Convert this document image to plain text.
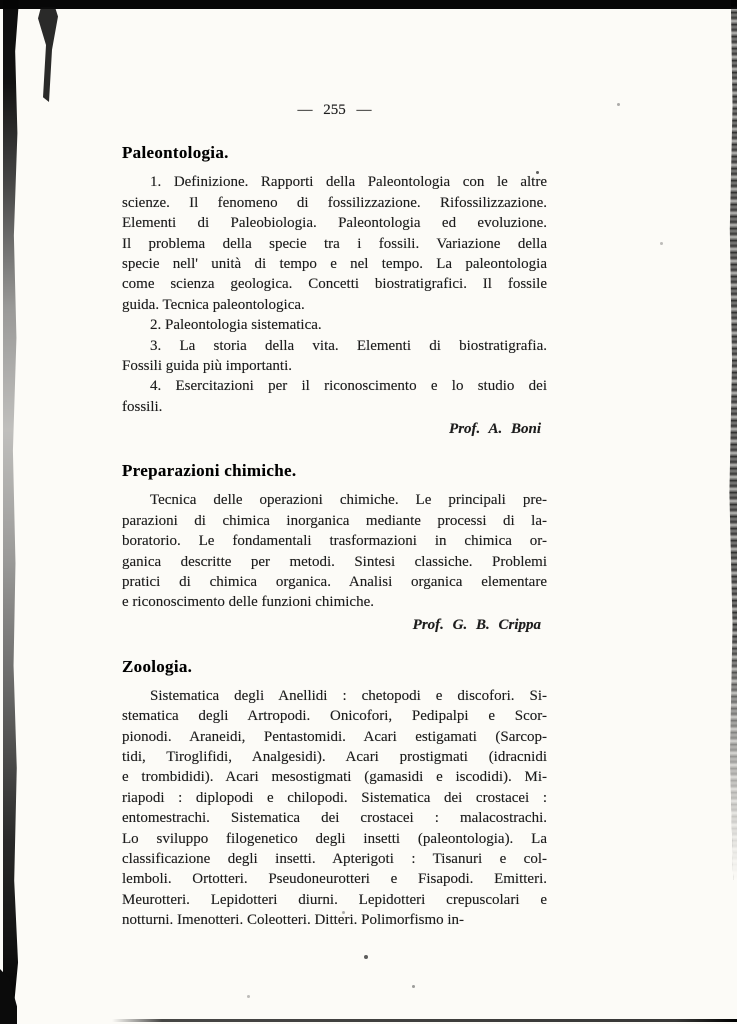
— 255 —
Paleontologia.
1. Definizione. Rapporti della Paleontologia con le altre
scienze. Il fenomeno di fossilizzazione. Rifossilizzazione.
Elementi di Paleobiologia. Paleontologia ed evoluzione.
Il problema della specie tra i fossili. Variazione della
specie nell' unità di tempo e nel tempo. La paleontologia
come scienza geologica. Concetti biostratigrafici. Il fossile
guida. Tecnica paleontologica.
2. Paleontologia sistematica.
3. La storia della vita. Elementi di biostratigrafia.
Fossili guida più importanti.
4. Esercitazioni per il riconoscimento e lo studio dei
fossili.
Prof. A. Boni
Preparazioni chimiche.
Tecnica delle operazioni chimiche. Le principali pre-
parazioni di chimica inorganica mediante processi di la-
boratorio. Le fondamentali trasformazioni in chimica or-
ganica descritte per metodi. Sintesi classiche. Problemi
pratici di chimica organica. Analisi organica elementare
e riconoscimento delle funzioni chimiche.
Prof. G. B. Crippa
Zoologia.
Sistematica degli Anellidi : chetopodi e discofori. Si-
stematica degli Artropodi. Onicofori, Pedipalpi e Scor-
pionodi. Araneidi, Pentastomidi. Acari estigamati (Sarcop-
tidi, Tiroglifidi, Analgesidi). Acari prostigmati (idracnidi
e trombididi). Acari mesostigmati (gamasidi e iscodidi). Mi-
riapodi : diplopodi e chilopodi. Sistematica dei crostacei :
entomestrachi. Sistematica dei crostacei : malacostrachi.
Lo sviluppo filogenetico degli insetti (paleontologia). La
classificazione degli insetti. Apterigoti : Tisanuri e col-
lemboli. Ortotteri. Pseudoneurotteri e Fisapodi. Emitteri.
Meurotteri. Lepidotteri diurni. Lepidotteri crepuscolari e
notturni. Imenotteri. Coleotteri. Ditteri. Polimorfismo in-
